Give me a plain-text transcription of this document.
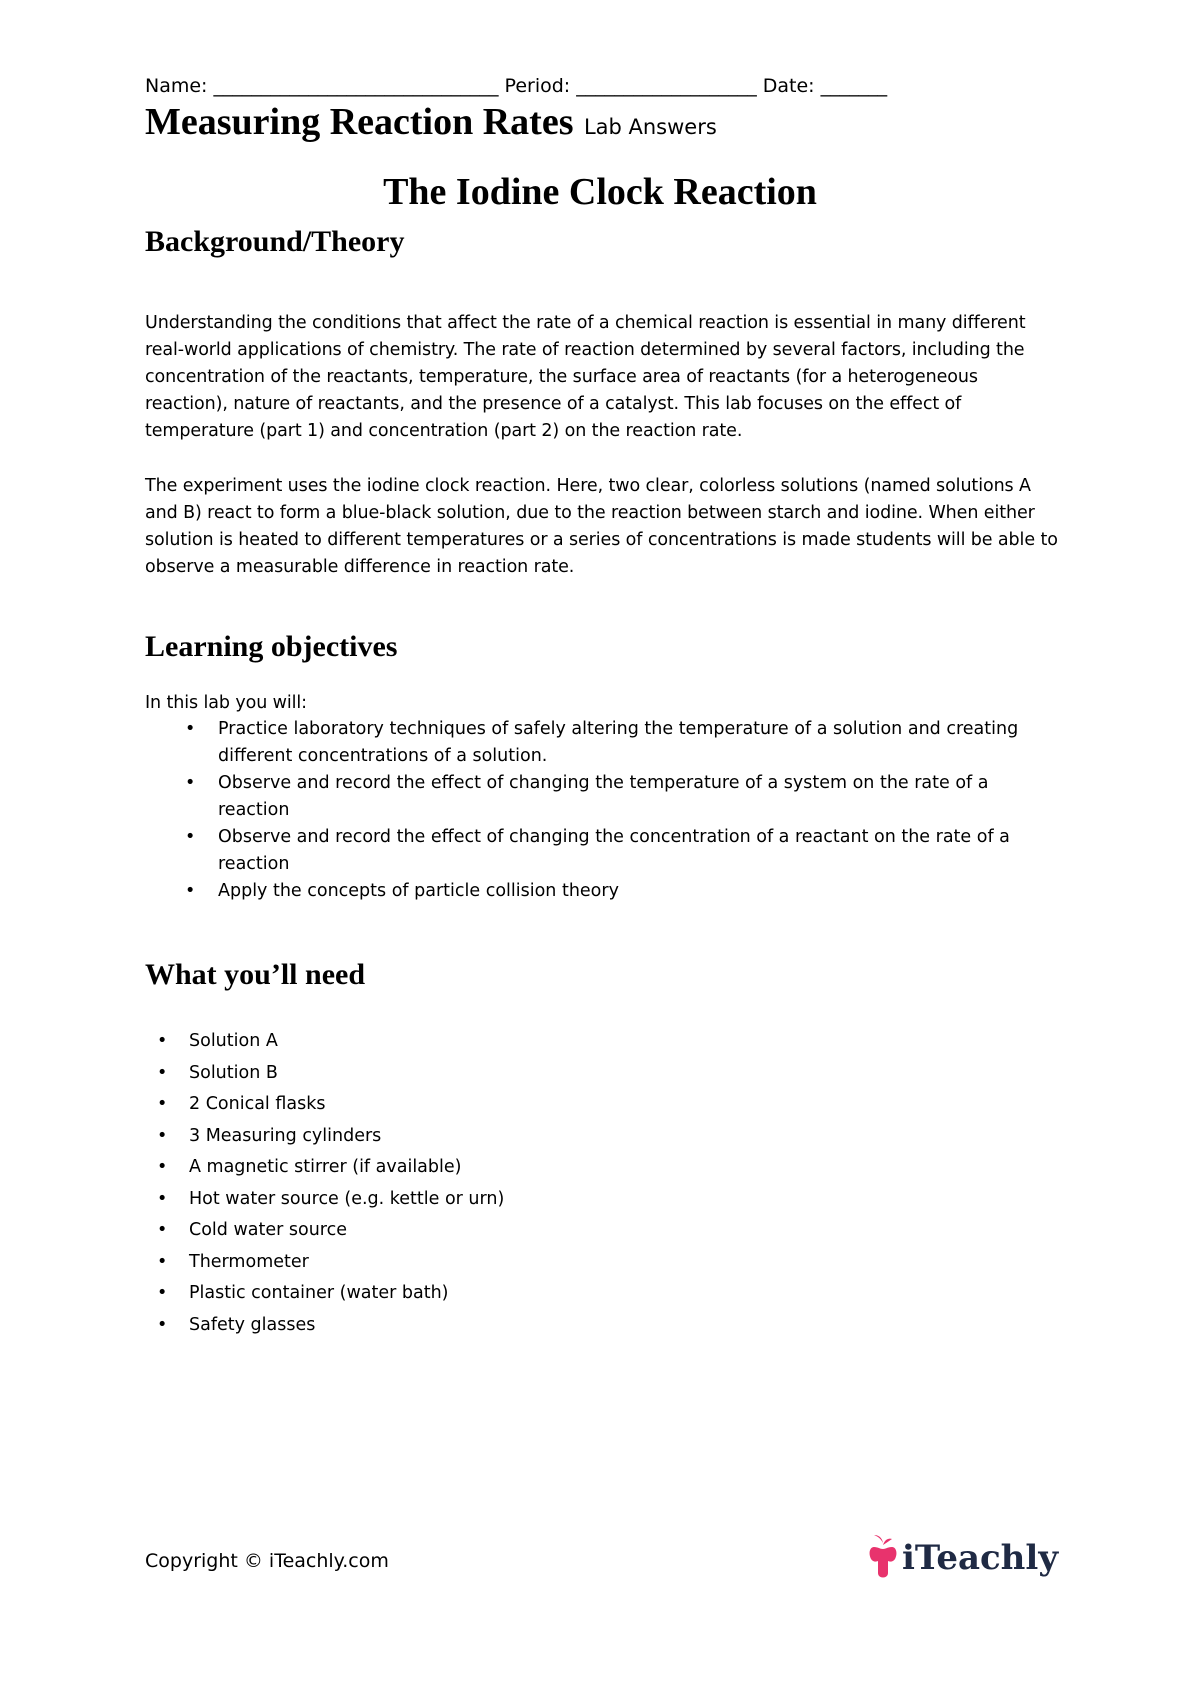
Name: ______________________________ Period: ___________________ Date: _______
Measuring Reaction Rates Lab Answers
The Iodine Clock Reaction
Background/Theory

Understanding the conditions that affect the rate of a chemical reaction is essential in many different real-world applications of chemistry. The rate of reaction determined by several factors, including the concentration of the reactants, temperature, the surface area of reactants (for a heterogeneous reaction), nature of reactants, and the presence of a catalyst. This lab focuses on the effect of temperature (part 1) and concentration (part 2) on the reaction rate.

The experiment uses the iodine clock reaction. Here, two clear, colorless solutions (named solutions A and B) react to form a blue-black solution, due to the reaction between starch and iodine. When either solution is heated to different temperatures or a series of concentrations is made students will be able to observe a measurable difference in reaction rate.

Learning objectives

In this lab you will:

• Practice laboratory techniques of safely altering the temperature of a solution and creating different concentrations of a solution.
• Observe and record the effect of changing the temperature of a system on the rate of a reaction
• Observe and record the effect of changing the concentration of a reactant on the rate of a reaction
• Apply the concepts of particle collision theory
What you’ll need
• Solution A
• Solution B
• 2 Conical flasks
• 3 Measuring cylinders
• A magnetic stirrer (if available)
• Hot water source (e.g. kettle or urn)
• Cold water source
• Thermometer
• Plastic container (water bath)
• Safety glasses
Copyright © iTeachly.com	iTeachly
